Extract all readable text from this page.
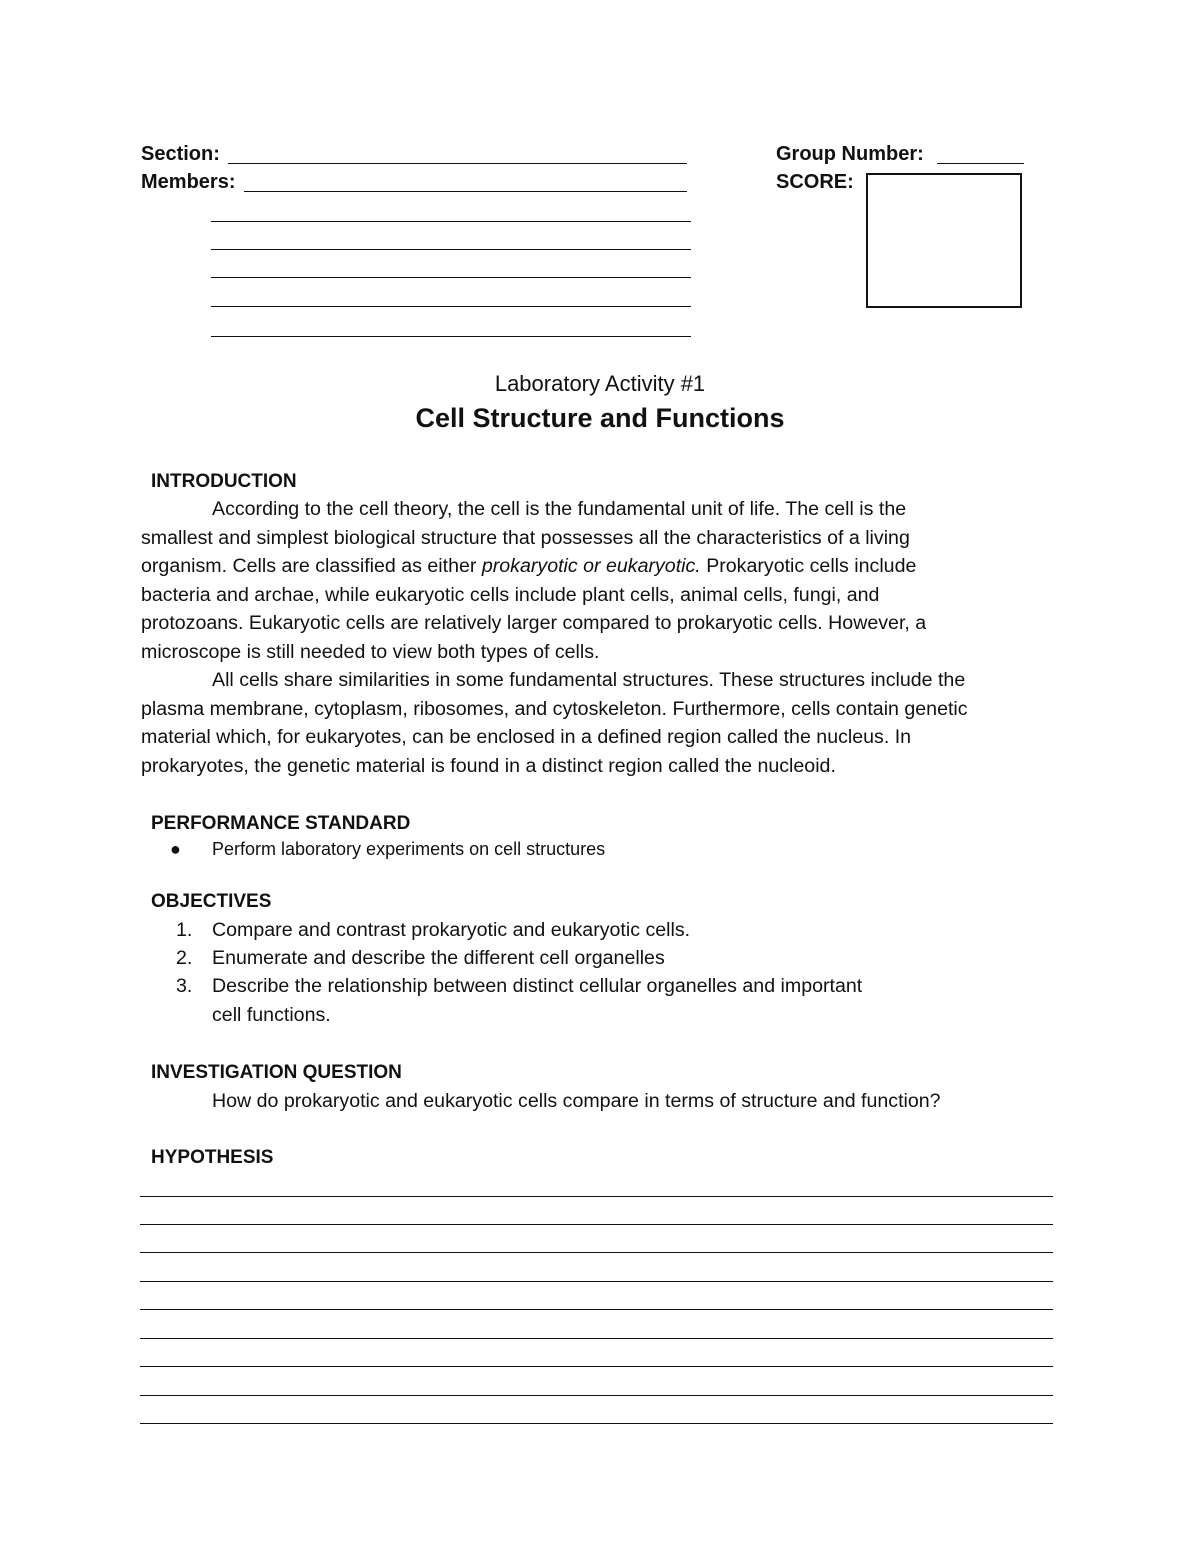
Section:	Group Number:
Members:	SCORE:
Laboratory Activity #1
Cell Structure and Functions
INTRODUCTION
According to the cell theory, the cell is the fundamental unit of life. The cell is the
smallest and simplest biological structure that possesses all the characteristics of a living
organism. Cells are classified as either prokaryotic or eukaryotic. Prokaryotic cells include
bacteria and archae, while eukaryotic cells include plant cells, animal cells, fungi, and
protozoans. Eukaryotic cells are relatively larger compared to prokaryotic cells. However, a
microscope is still needed to view both types of cells.
All cells share similarities in some fundamental structures. These structures include the
plasma membrane, cytoplasm, ribosomes, and cytoskeleton. Furthermore, cells contain genetic
material which, for eukaryotes, can be enclosed in a defined region called the nucleus. In
prokaryotes, the genetic material is found in a distinct region called the nucleoid.
PERFORMANCE STANDARD
● Perform laboratory experiments on cell structures
OBJECTIVES
1. Compare and contrast prokaryotic and eukaryotic cells.
2. Enumerate and describe the different cell organelles
3. Describe the relationship between distinct cellular organelles and important
cell functions.
INVESTIGATION QUESTION
How do prokaryotic and eukaryotic cells compare in terms of structure and function?
HYPOTHESIS
